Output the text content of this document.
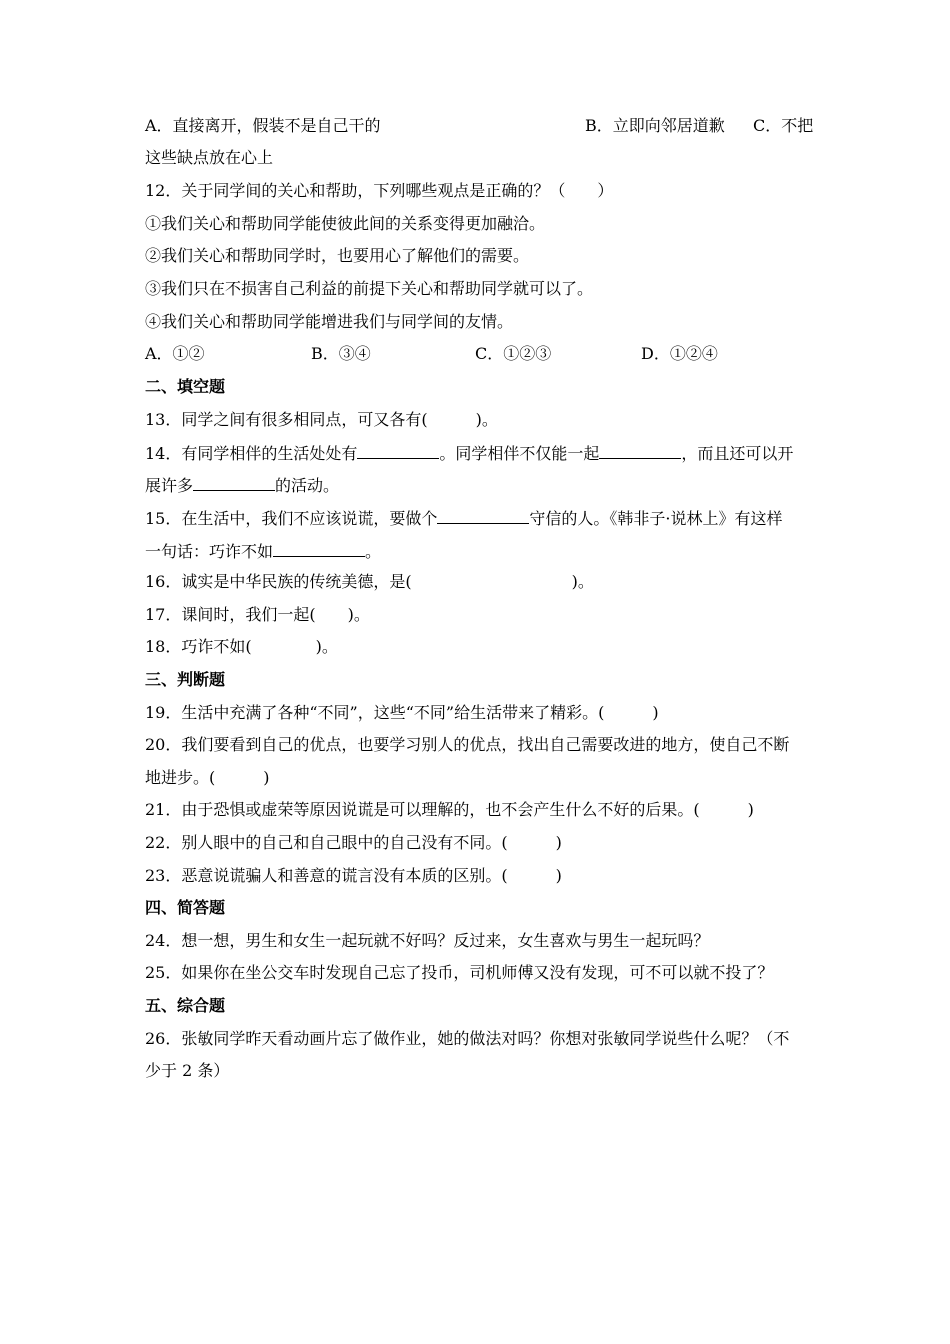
A．直接离开，假装不是自己干的	B．立即向邻居道歉 C．不把
这些缺点放在心上
12．关于同学间的关心和帮助，下列哪些观点是正确的？（　　）
①我们关心和帮助同学能使彼此间的关系变得更加融洽。
②我们关心和帮助同学时，也要用心了解他们的需要。
③我们只在不损害自己利益的前提下关心和帮助同学就可以了。
④我们关心和帮助同学能增进我们与同学间的友情。
A．①②	B．③④	C．①②③	D．①②④
二、填空题
13．同学之间有很多相同点，可又各有(　　　)。
14．有同学相伴的生活处处有	。同学相伴不仅能一起	，而且还可以开
展许多	的活动。
15．在生活中，我们不应该说谎，要做个	守信的人。《韩非子·说林上》有这样
一句话：巧诈不如	。
16．诚实是中华民族的传统美德，是(　　　　　　　　　　)。
17．课间时，我们一起(　　)。
18．巧诈不如(　　　　)。
三、判断题
19．生活中充满了各种“不同”，这些“不同”给生活带来了精彩。(　　　)
20．我们要看到自己的优点，也要学习别人的优点，找出自己需要改进的地方，使自己不断
地进步。(　　　)
21．由于恐惧或虚荣等原因说谎是可以理解的，也不会产生什么不好的后果。(　　　)
22．别人眼中的自己和自己眼中的自己没有不同。(　　　)
23．恶意说谎骗人和善意的谎言没有本质的区别。(　　　)
四、简答题
24．想一想，男生和女生一起玩就不好吗？反过来，女生喜欢与男生一起玩吗？
25．如果你在坐公交车时发现自己忘了投币，司机师傅又没有发现，可不可以就不投了？
五、综合题
26．张敏同学昨天看动画片忘了做作业，她的做法对吗？你想对张敏同学说些什么呢？（不
少于 2 条）
